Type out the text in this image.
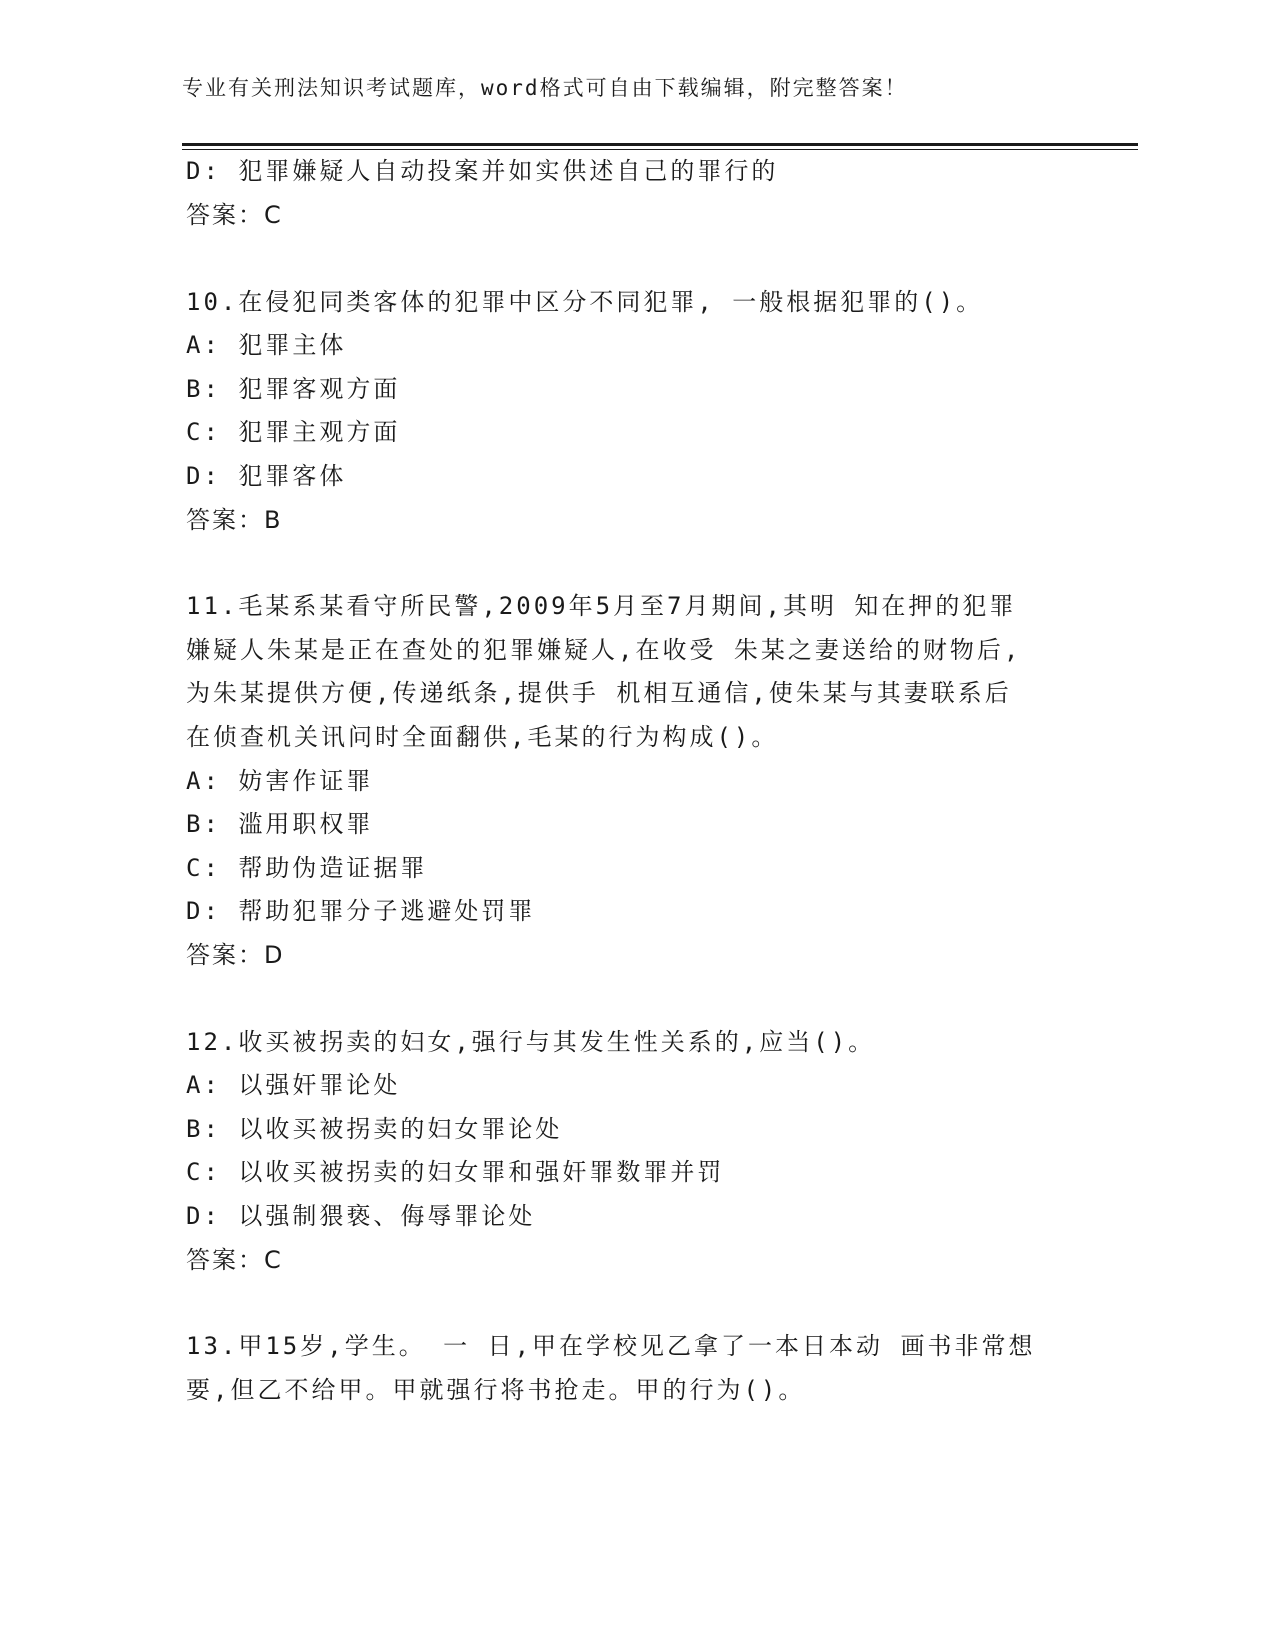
专业有关刑法知识考试题库，word格式可自由下载编辑，附完整答案！
D: 犯罪嫌疑人自动投案并如实供述自己的罪行的
答案：C
10.在侵犯同类客体的犯罪中区分不同犯罪, 一般根据犯罪的()。
A: 犯罪主体
B: 犯罪客观方面
C: 犯罪主观方面
D: 犯罪客体
答案：B
11.毛某系某看守所民警,2009年5月至7月期间,其明 知在押的犯罪
嫌疑人朱某是正在查处的犯罪嫌疑人,在收受 朱某之妻送给的财物后,
为朱某提供方便,传递纸条,提供手 机相互通信,使朱某与其妻联系后
在侦查机关讯问时全面翻供,毛某的行为构成()。
A: 妨害作证罪
B: 滥用职权罪
C: 帮助伪造证据罪
D: 帮助犯罪分子逃避处罚罪
答案：D
12.收买被拐卖的妇女,强行与其发生性关系的,应当()。
A: 以强奸罪论处
B: 以收买被拐卖的妇女罪论处
C: 以收买被拐卖的妇女罪和强奸罪数罪并罚
D: 以强制猥亵、侮辱罪论处
答案：C
13.甲15岁,学生。 一 日,甲在学校见乙拿了一本日本动 画书非常想
要,但乙不给甲。甲就强行将书抢走。甲的行为()。
